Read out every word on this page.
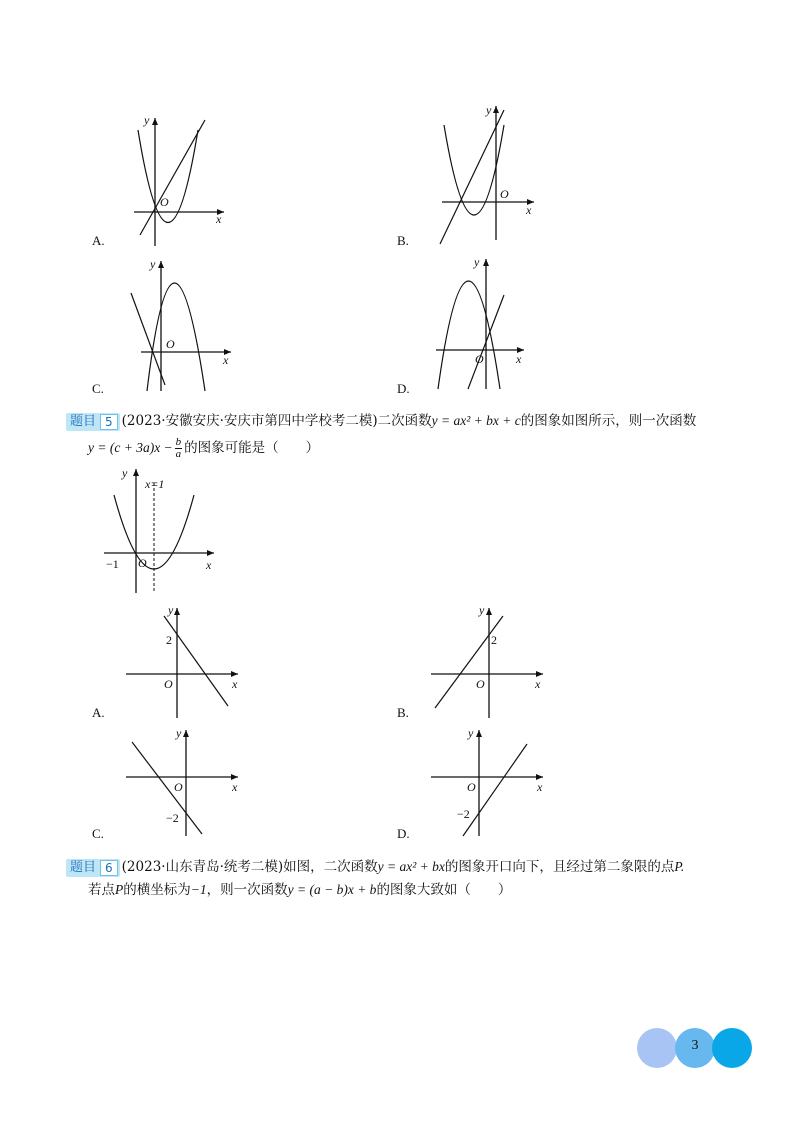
A.
y
O
x
B.
y
O
x
C.
y
O
x
D.
y
O	x
题目 5 (2023·安徽安庆·安庆市第四中学校考二模)二次函数y = ax² + bx + c的图象如图所示，则一次函数
$y = (c + 3a)x - \frac{b}{a}$ 的图象可能是（　　）
y
x=1
−1 O	x
A.
y
2
O	x
B.
y
2
O	x
C.
y
O
−2
x
D.
y
O
−2
x
题目 6 (2023·山东青岛·统考二模)如图，二次函数y = ax² + bx的图象开口向下，且经过第二象限的点P.
若点P的横坐标为−1，则一次函数y = (a − b)x + b的图象大致如（　　）
3
